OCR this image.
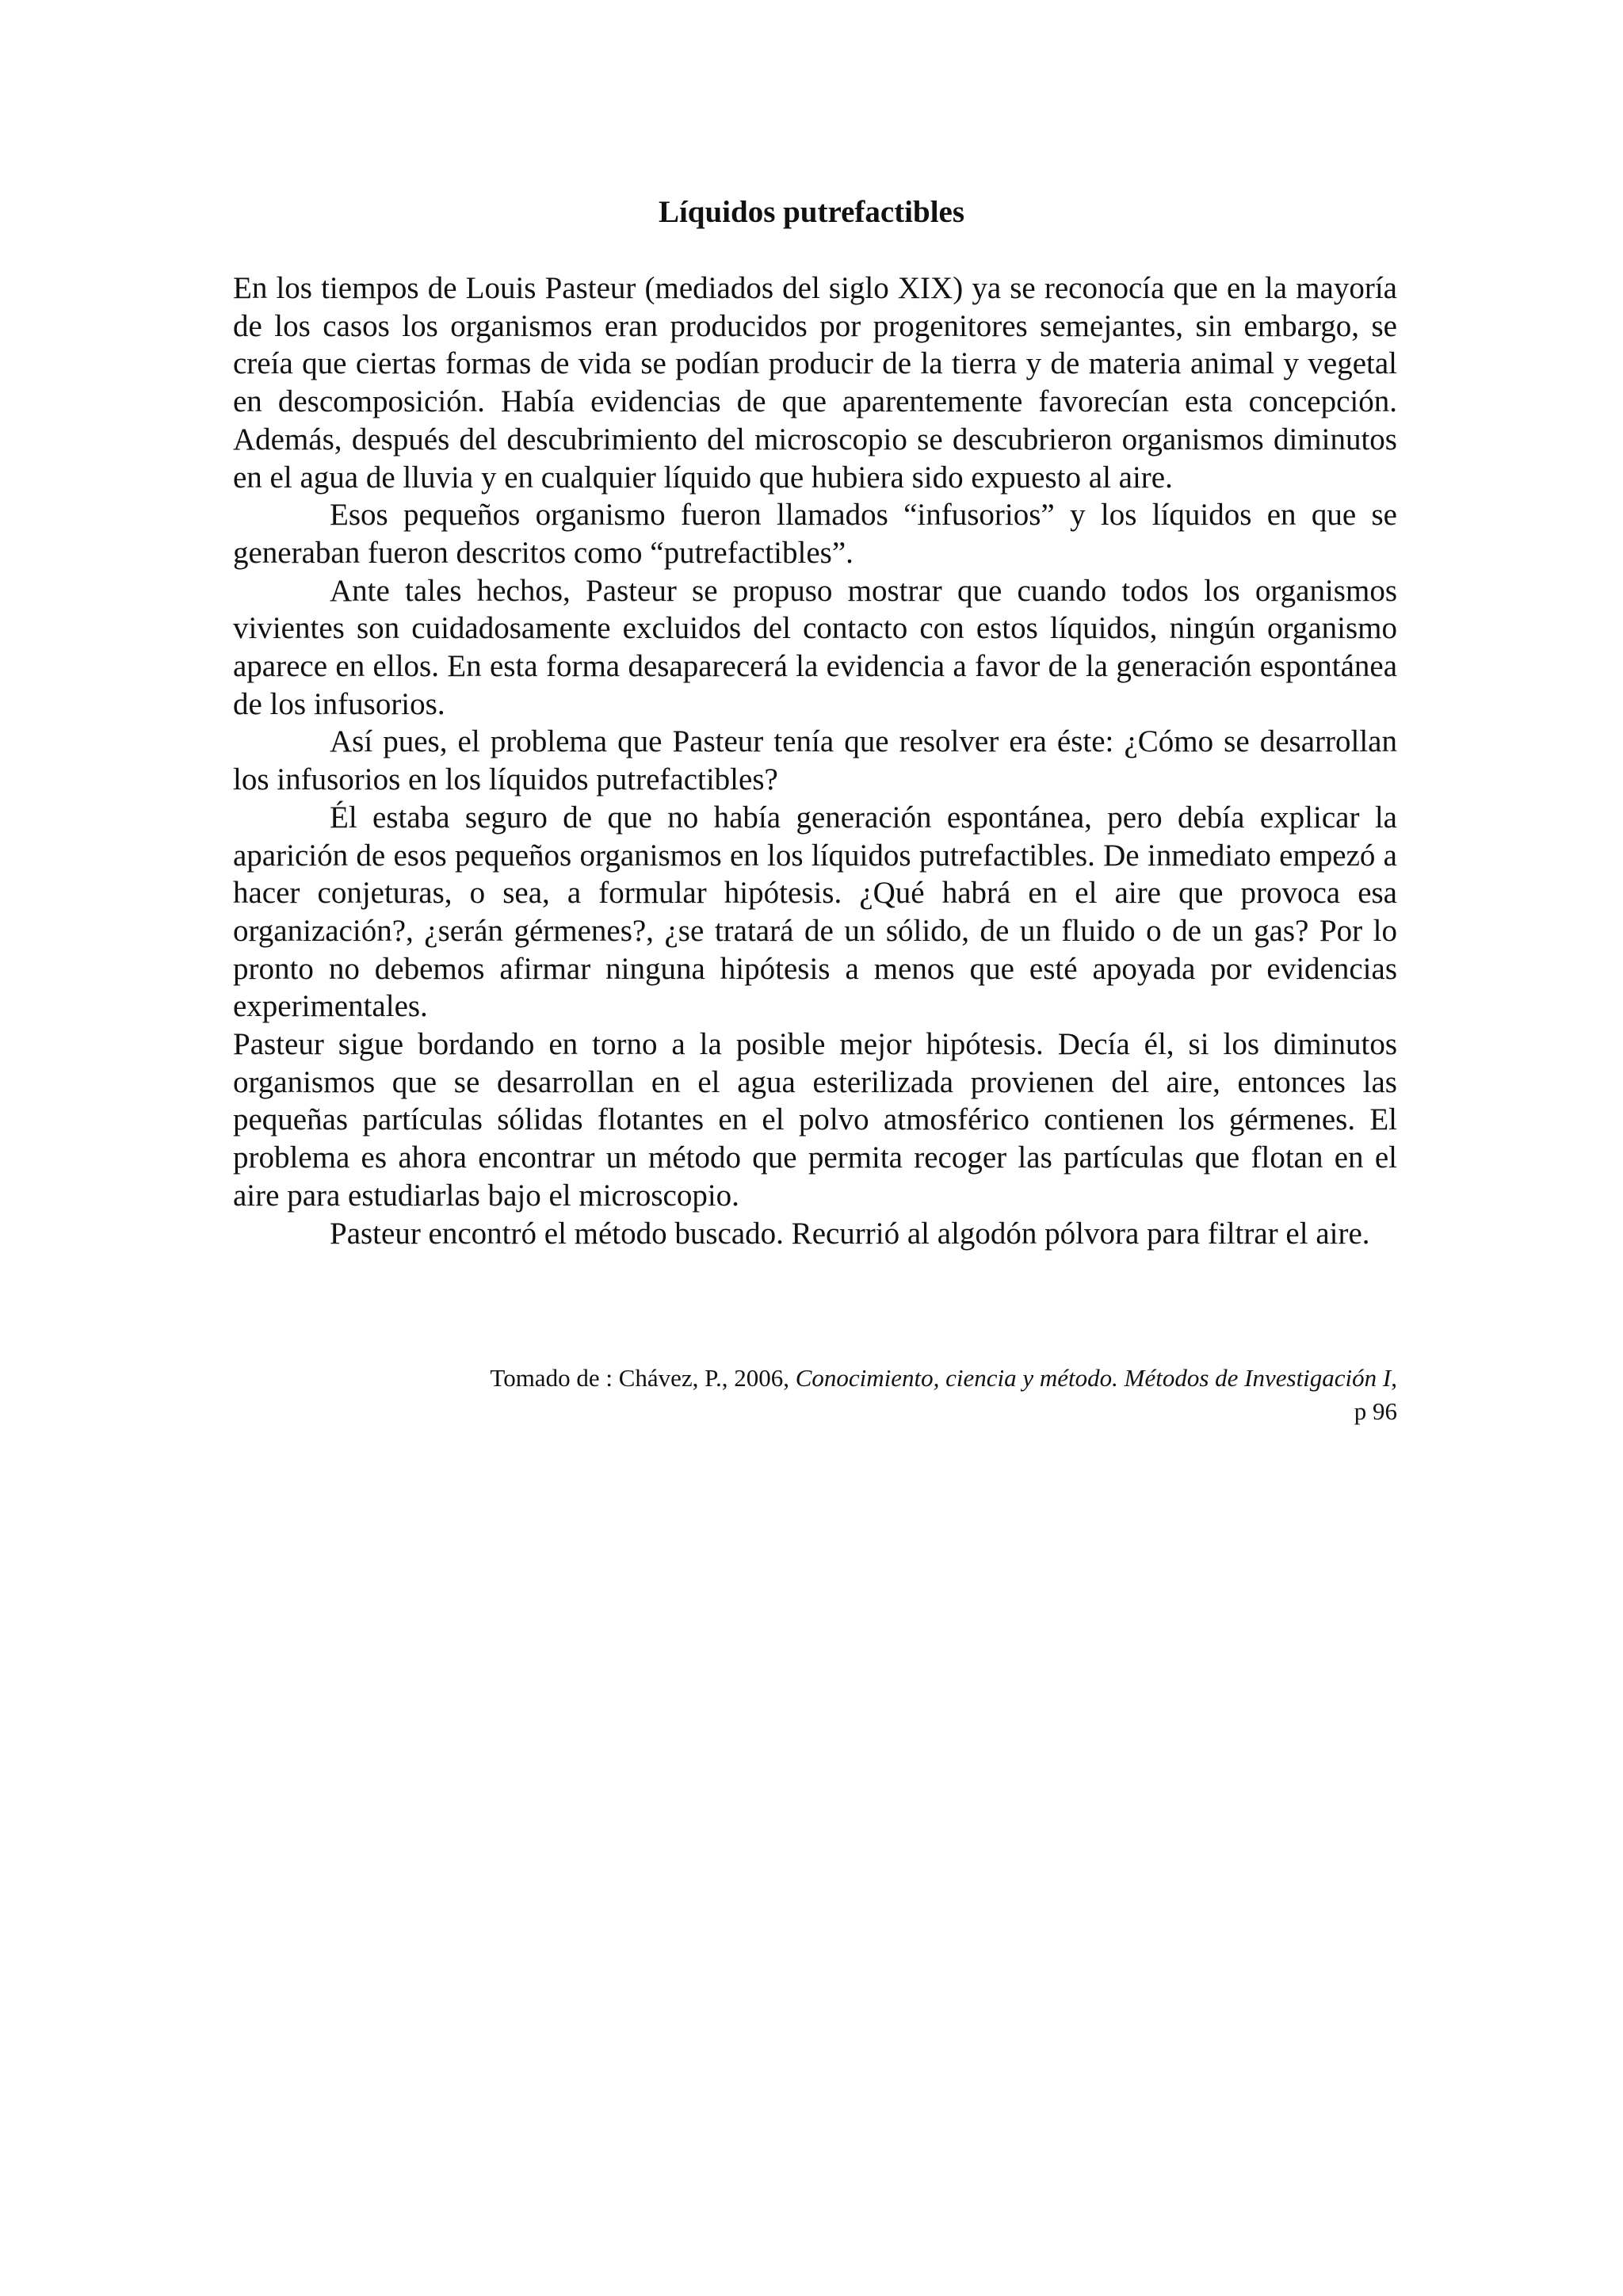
Líquidos putrefactibles

En los tiempos de Louis Pasteur (mediados del siglo XIX) ya se reconocía que en la mayoría de los casos los organismos eran producidos por progenitores semejantes, sin embargo, se creía que ciertas formas de vida se podían producir de la tierra y de materia animal y vegetal en descomposición. Había evidencias de que aparentemente favorecían esta concepción. Además, después del descubrimiento del microscopio se descubrieron organismos diminutos en el agua de lluvia y en cualquier líquido que hubiera sido expuesto al aire.

Esos pequeños organismo fueron llamados “infusorios” y los líquidos en que se generaban fueron descritos como “putrefactibles”.

Ante tales hechos, Pasteur se propuso mostrar que cuando todos los organismos vivientes son cuidadosamente excluidos del contacto con estos líquidos, ningún organismo aparece en ellos. En esta forma desaparecerá la evidencia a favor de la generación espontánea de los infusorios.

Así pues, el problema que Pasteur tenía que resolver era éste: ¿Cómo se desarrollan los infusorios en los líquidos putrefactibles?

Él estaba seguro de que no había generación espontánea, pero debía explicar la aparición de esos pequeños organismos en los líquidos putrefactibles. De inmediato empezó a hacer conjeturas, o sea, a formular hipótesis. ¿Qué habrá en el aire que provoca esa organización?, ¿serán gérmenes?, ¿se tratará de un sólido, de un fluido o de un gas? Por lo pronto no debemos afirmar ninguna hipótesis a menos que esté apoyada por evidencias experimentales.

Pasteur sigue bordando en torno a la posible mejor hipótesis. Decía él, si los diminutos organismos que se desarrollan en el agua esterilizada provienen del aire, entonces las pequeñas partículas sólidas flotantes en el polvo atmosférico contienen los gérmenes. El problema es ahora encontrar un método que permita recoger las partículas que flotan en el aire para estudiarlas bajo el microscopio.

Pasteur encontró el método buscado. Recurrió al algodón pólvora para filtrar el aire.

Tomado de : Chávez, P., 2006, Conocimiento, ciencia y método. Métodos de Investigación I,
p 96
